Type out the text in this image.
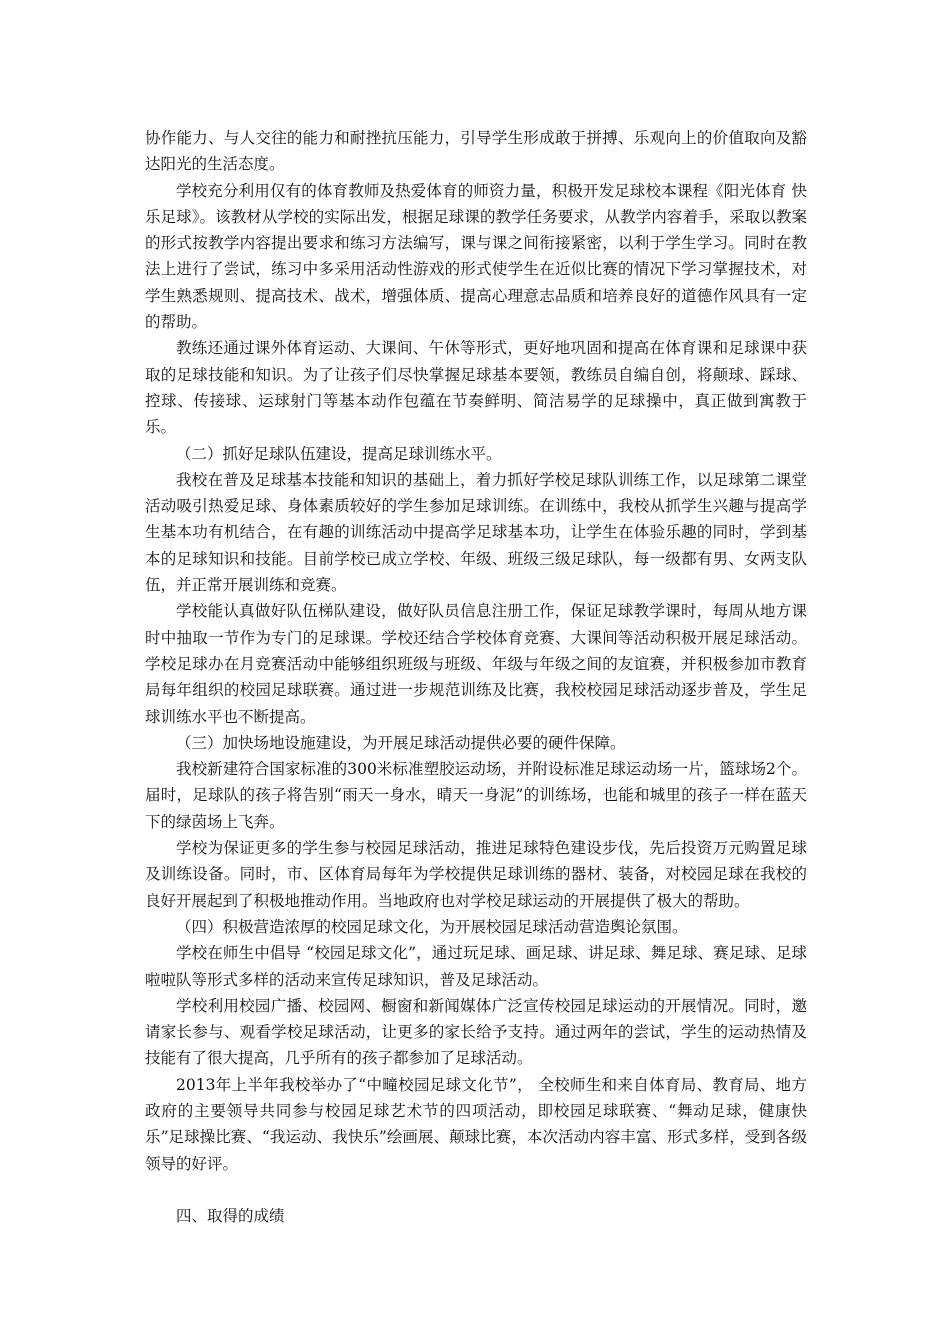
协作能力、与人交往的能力和耐挫抗压能力，引导学生形成敢于拼搏、乐观向上的价值取向及豁达阳光的生活态度。

学校充分利用仅有的体育教师及热爱体育的师资力量，积极开发足球校本课程《阳光体育 快乐足球》。该教材从学校的实际出发，根据足球课的教学任务要求，从教学内容着手，采取以教案的形式按教学内容提出要求和练习方法编写，课与课之间衔接紧密，以利于学生学习。同时在教法上进行了尝试，练习中多采用活动性游戏的形式使学生在近似比赛的情况下学习掌握技术，对学生熟悉规则、提高技术、战术，增强体质、提高心理意志品质和培养良好的道德作风具有一定的帮助。

教练还通过课外体育运动、大课间、午休等形式，更好地巩固和提高在体育课和足球课中获取的足球技能和知识。为了让孩子们尽快掌握足球基本要领，教练员自编自创，将颠球、踩球、控球、传接球、运球射门等基本动作包蕴在节奏鲜明、简洁易学的足球操中，真正做到寓教于乐。

（二）抓好足球队伍建设，提高足球训练水平。

我校在普及足球基本技能和知识的基础上，着力抓好学校足球队训练工作，以足球第二课堂活动吸引热爱足球、身体素质较好的学生参加足球训练。在训练中，我校从抓学生兴趣与提高学生基本功有机结合，在有趣的训练活动中提高学足球基本功，让学生在体验乐趣的同时，学到基本的足球知识和技能。目前学校已成立学校、年级、班级三级足球队，每一级都有男、女两支队伍，并正常开展训练和竞赛。

学校能认真做好队伍梯队建设，做好队员信息注册工作，保证足球教学课时，每周从地方课时中抽取一节作为专门的足球课。学校还结合学校体育竞赛、大课间等活动积极开展足球活动。学校足球办在月竞赛活动中能够组织班级与班级、年级与年级之间的友谊赛，并积极参加市教育局每年组织的校园足球联赛。通过进一步规范训练及比赛，我校校园足球活动逐步普及，学生足球训练水平也不断提高。

（三）加快场地设施建设，为开展足球活动提供必要的硬件保障。

我校新建符合国家标准的300米标准塑胶运动场，并附设标准足球运动场一片，篮球场2个。届时，足球队的孩子将告别“雨天一身水，晴天一身泥”的训练场，也能和城里的孩子一样在蓝天下的绿茵场上飞奔。

学校为保证更多的学生参与校园足球活动，推进足球特色建设步伐，先后投资万元购置足球及训练设备。同时，市、区体育局每年为学校提供足球训练的器材、装备，对校园足球在我校的良好开展起到了积极地推动作用。当地政府也对学校足球运动的开展提供了极大的帮助。

（四）积极营造浓厚的校园足球文化，为开展校园足球活动营造舆论氛围。

学校在师生中倡导 “校园足球文化”，通过玩足球、画足球、讲足球、舞足球、赛足球、足球啦啦队等形式多样的活动来宣传足球知识，普及足球活动。

学校利用校园广播、校园网、橱窗和新闻媒体广泛宣传校园足球运动的开展情况。同时，邀请家长参与、观看学校足球活动，让更多的家长给予支持。通过两年的尝试，学生的运动热情及技能有了很大提高，几乎所有的孩子都参加了足球活动。

2013年上半年我校举办了“中疃校园足球文化节”， 全校师生和来自体育局、教育局、地方政府的主要领导共同参与校园足球艺术节的四项活动，即校园足球联赛、“舞动足球，健康快乐”足球操比赛、“我运动、我快乐”绘画展、颠球比赛，本次活动内容丰富、形式多样，受到各级领导的好评。

四、取得的成绩
